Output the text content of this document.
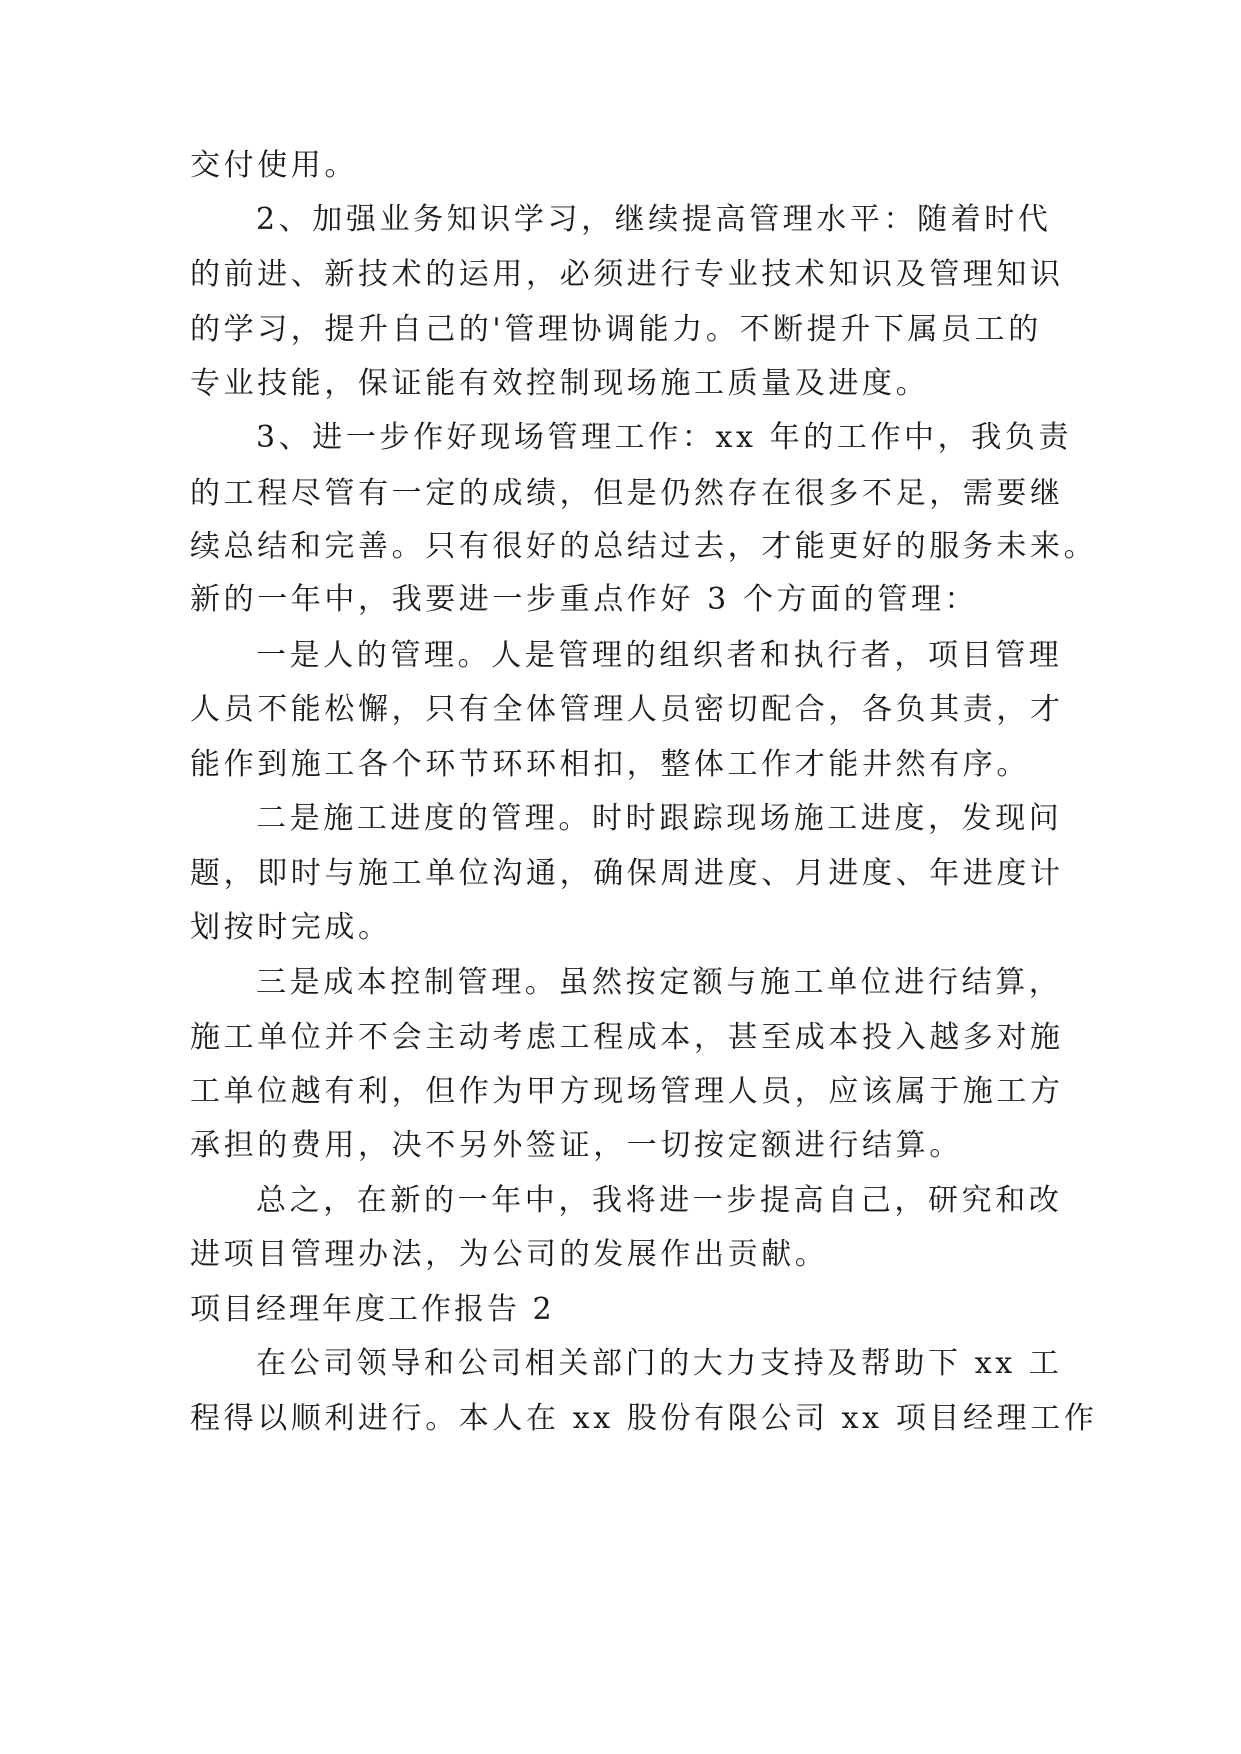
交付使用。
2、加强业务知识学习，继续提高管理水平：随着时代
的前进、新技术的运用，必须进行专业技术知识及管理知识
的学习，提升自己的'管理协调能力。不断提升下属员工的
专业技能，保证能有效控制现场施工质量及进度。
3、进一步作好现场管理工作：xx 年的工作中，我负责
的工程尽管有一定的成绩，但是仍然存在很多不足，需要继
续总结和完善。只有很好的总结过去，才能更好的服务未来。
新的一年中，我要进一步重点作好 3 个方面的管理：
一是人的管理。人是管理的组织者和执行者，项目管理
人员不能松懈，只有全体管理人员密切配合，各负其责，才
能作到施工各个环节环环相扣，整体工作才能井然有序。
二是施工进度的管理。时时跟踪现场施工进度，发现问
题，即时与施工单位沟通，确保周进度、月进度、年进度计
划按时完成。
三是成本控制管理。虽然按定额与施工单位进行结算，
施工单位并不会主动考虑工程成本，甚至成本投入越多对施
工单位越有利，但作为甲方现场管理人员，应该属于施工方
承担的费用，决不另外签证，一切按定额进行结算。
总之，在新的一年中，我将进一步提高自己，研究和改
进项目管理办法，为公司的发展作出贡献。
项目经理年度工作报告 2
在公司领导和公司相关部门的大力支持及帮助下 xx 工
程得以顺利进行。本人在 xx 股份有限公司 xx 项目经理工作
